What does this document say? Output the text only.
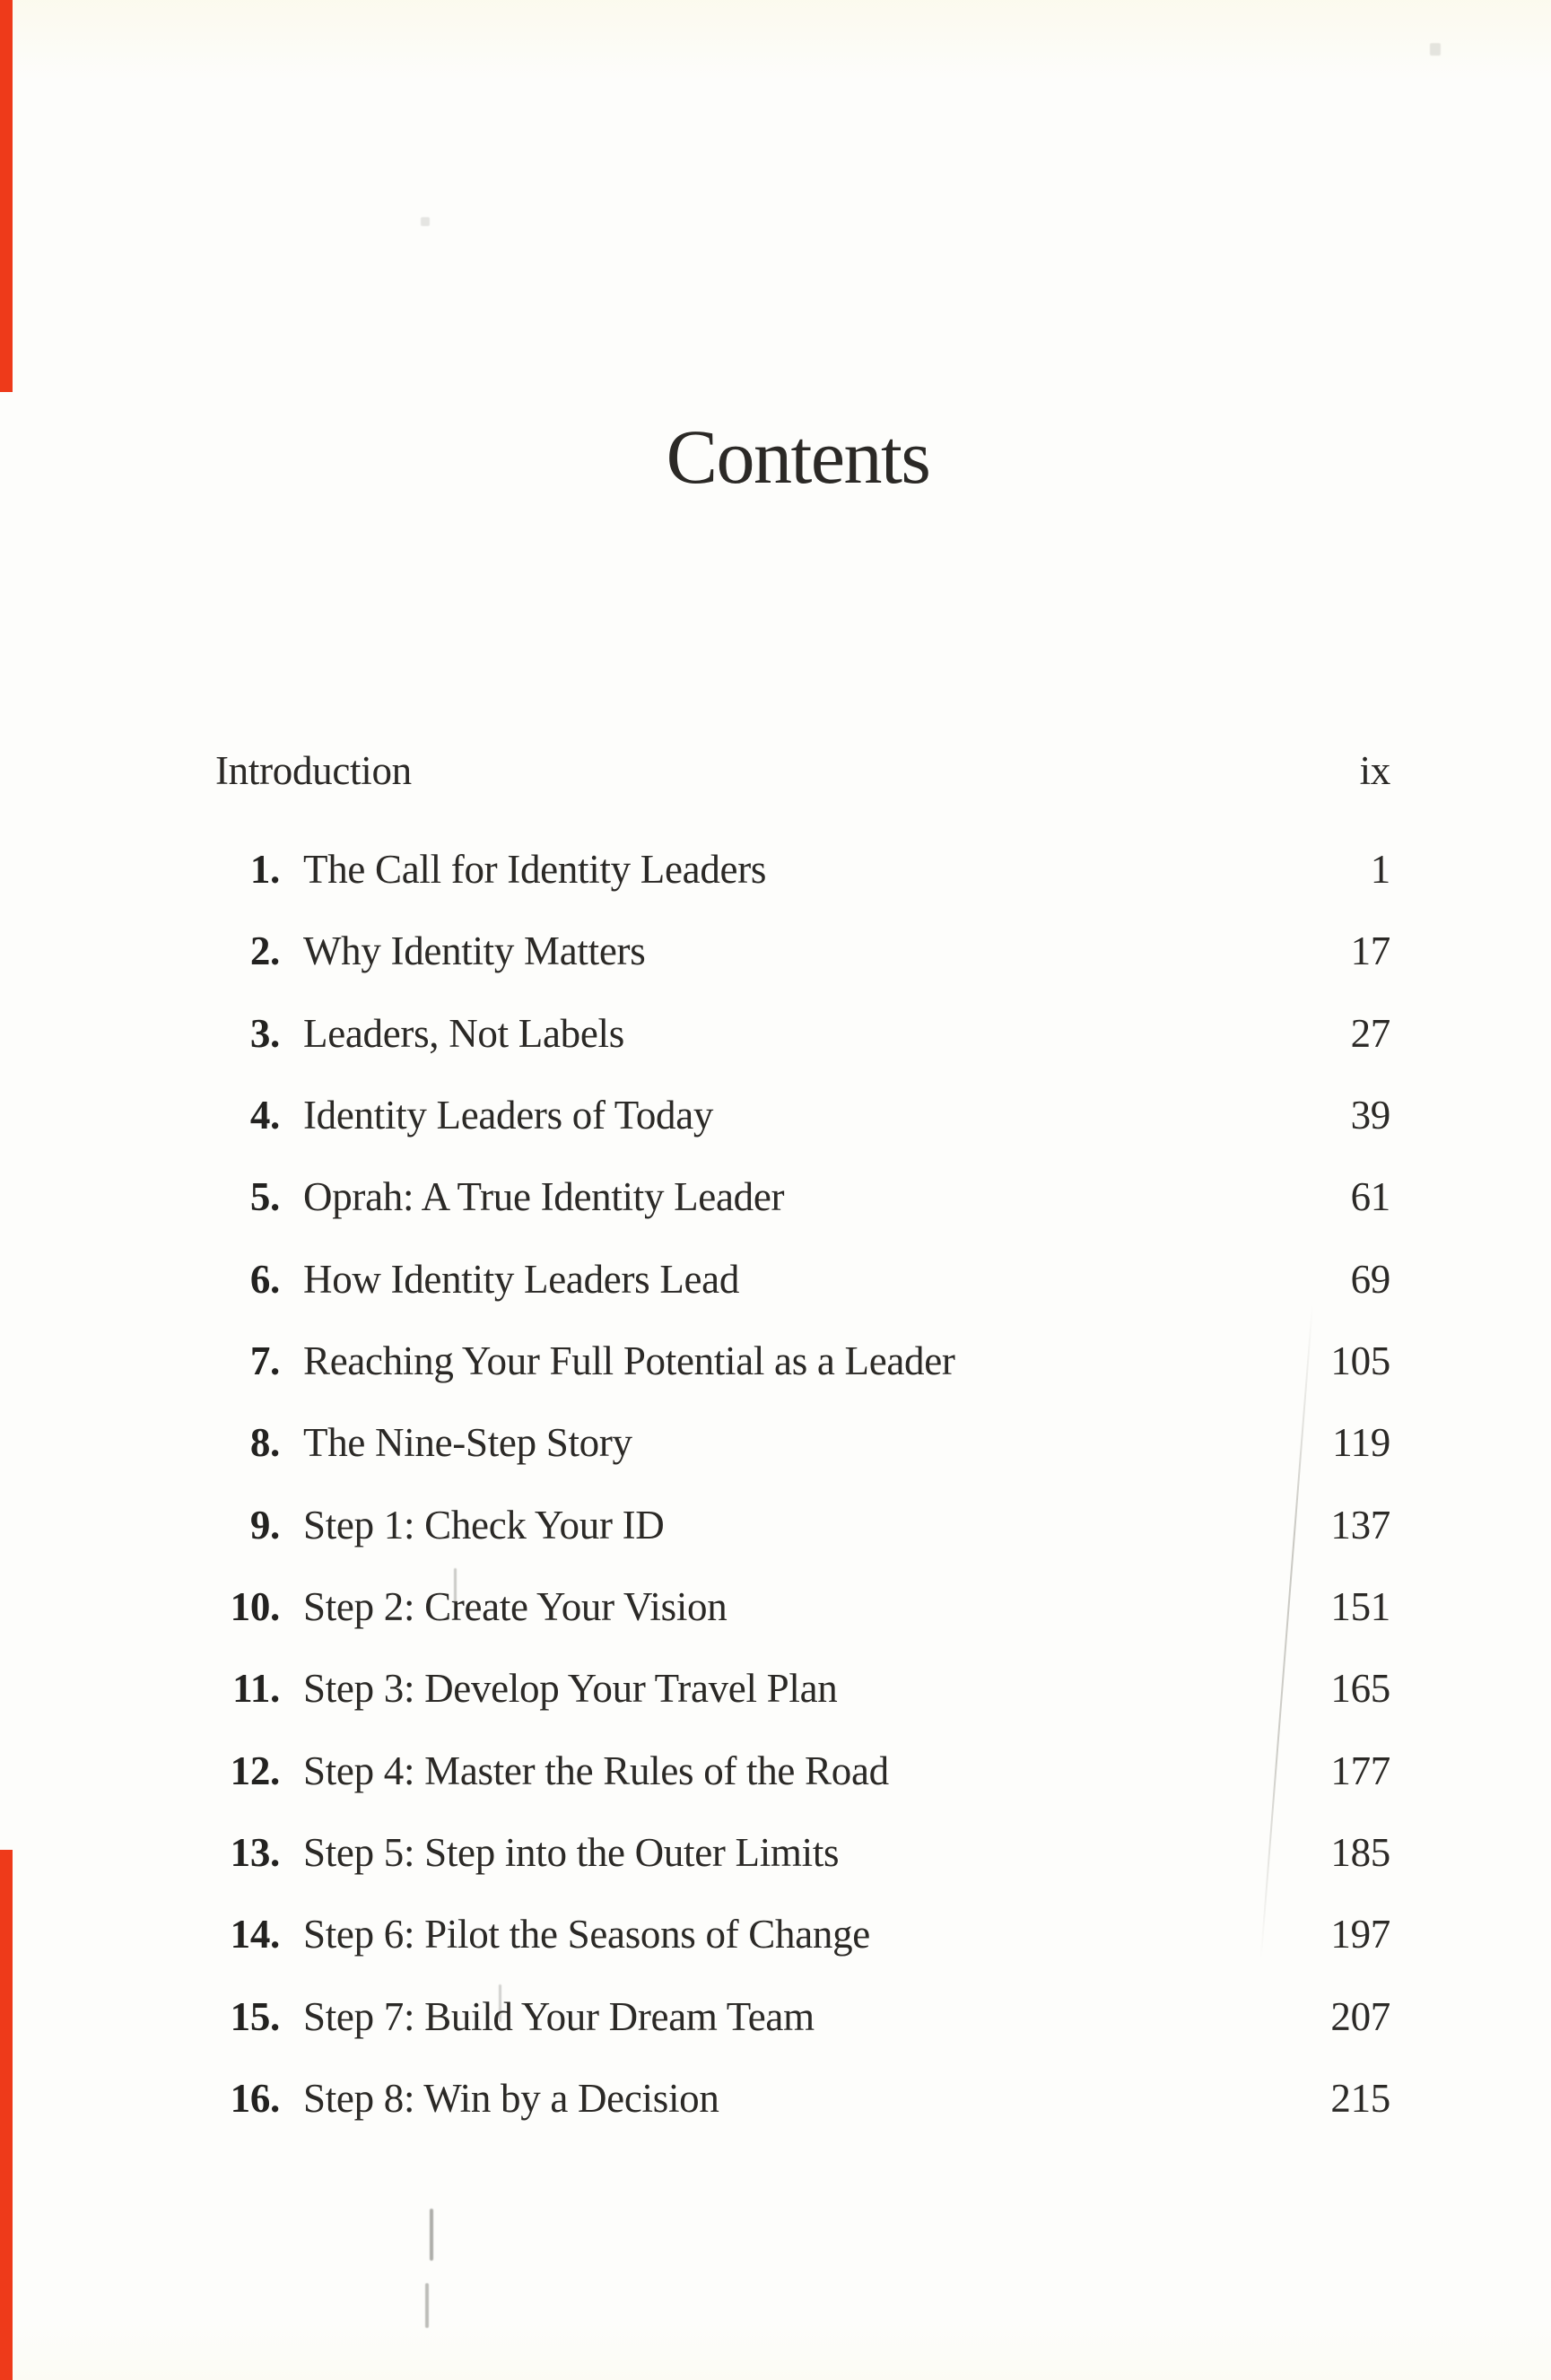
Contents
Introduction	ix
1. The Call for Identity Leaders	1
2. Why Identity Matters	17
3. Leaders, Not Labels	27
4. Identity Leaders of Today	39
5. Oprah: A True Identity Leader	61
6. How Identity Leaders Lead	69
7. Reaching Your Full Potential as a Leader	105
8. The Nine-Step Story	119
9. Step 1: Check Your ID	137
10. Step 2: Create Your Vision	151
11. Step 3: Develop Your Travel Plan	165
12. Step 4: Master the Rules of the Road	177
13. Step 5: Step into the Outer Limits	185
14. Step 6: Pilot the Seasons of Change	197
15. Step 7: Build Your Dream Team	207
16. Step 8: Win by a Decision	215
